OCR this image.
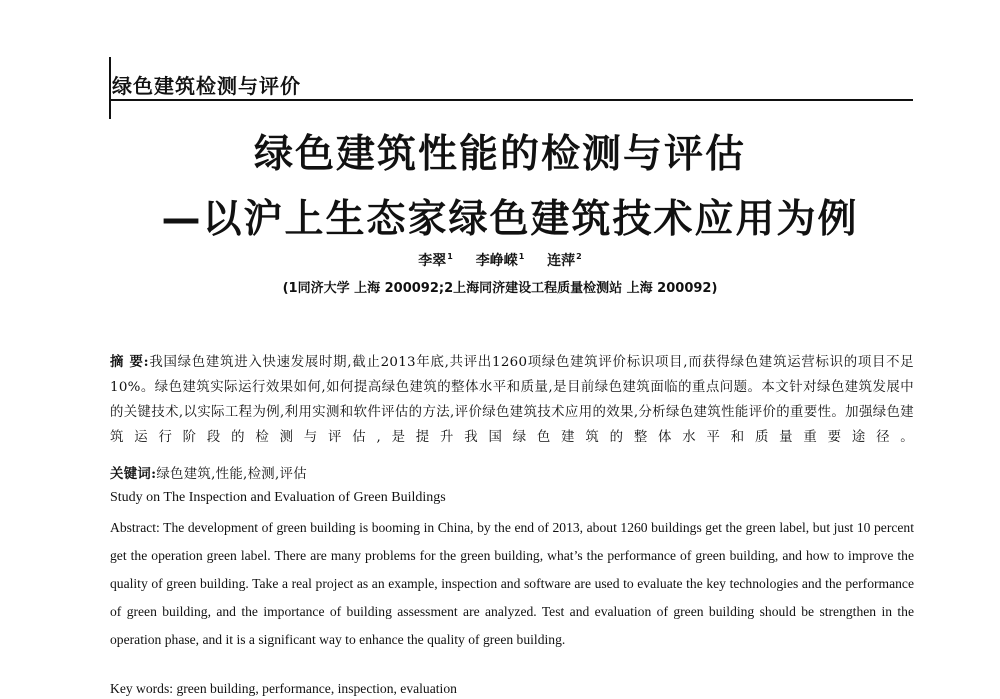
绿色建筑检测与评价
绿色建筑性能的检测与评估
—以沪上生态家绿色建筑技术应用为例
李翠$^1$ 李峥嵘$^1$ 连萍$^2$
(1同济大学 上海 200092;2上海同济建设工程质量检测站 上海 200092)
摘 要:我国绿色建筑进入快速发展时期,截止2013年底,共评出1260项绿色建筑评价标识项目,而获得绿色建筑运营标识的项目不足10%。绿色建筑实际运行效果如何,如何提高绿色建筑的整体水平和质量,是目前绿色建筑面临的重点问题。本文针对绿色建筑发展中的关键技术,以实际工程为例,利用实测和软件评估的方法,评价绿色建筑技术应用的效果,分析绿色建筑性能评价的重要性。加强绿色建筑运行阶段的检测与评估,是提升我国绿色建筑的整体水平和质量重要途径。
关键词:绿色建筑,性能,检测,评估
Study on The Inspection and Evaluation of Green Buildings
Abstract: The development of green building is booming in China, by the end of 2013, about 1260 buildings get the green label, but just 10 percent get the operation green label. There are many problems for the green building, what’s the performance of green building, and how to improve the quality of green building. Take a real project as an example, inspection and software are used to evaluate the key technologies and the performance of green building, and the importance of building assessment are analyzed. Test and evaluation of green building should be strengthen in the operation phase, and it is a significant way to enhance the quality of green building.
Key words: green building, performance, inspection, evaluation
